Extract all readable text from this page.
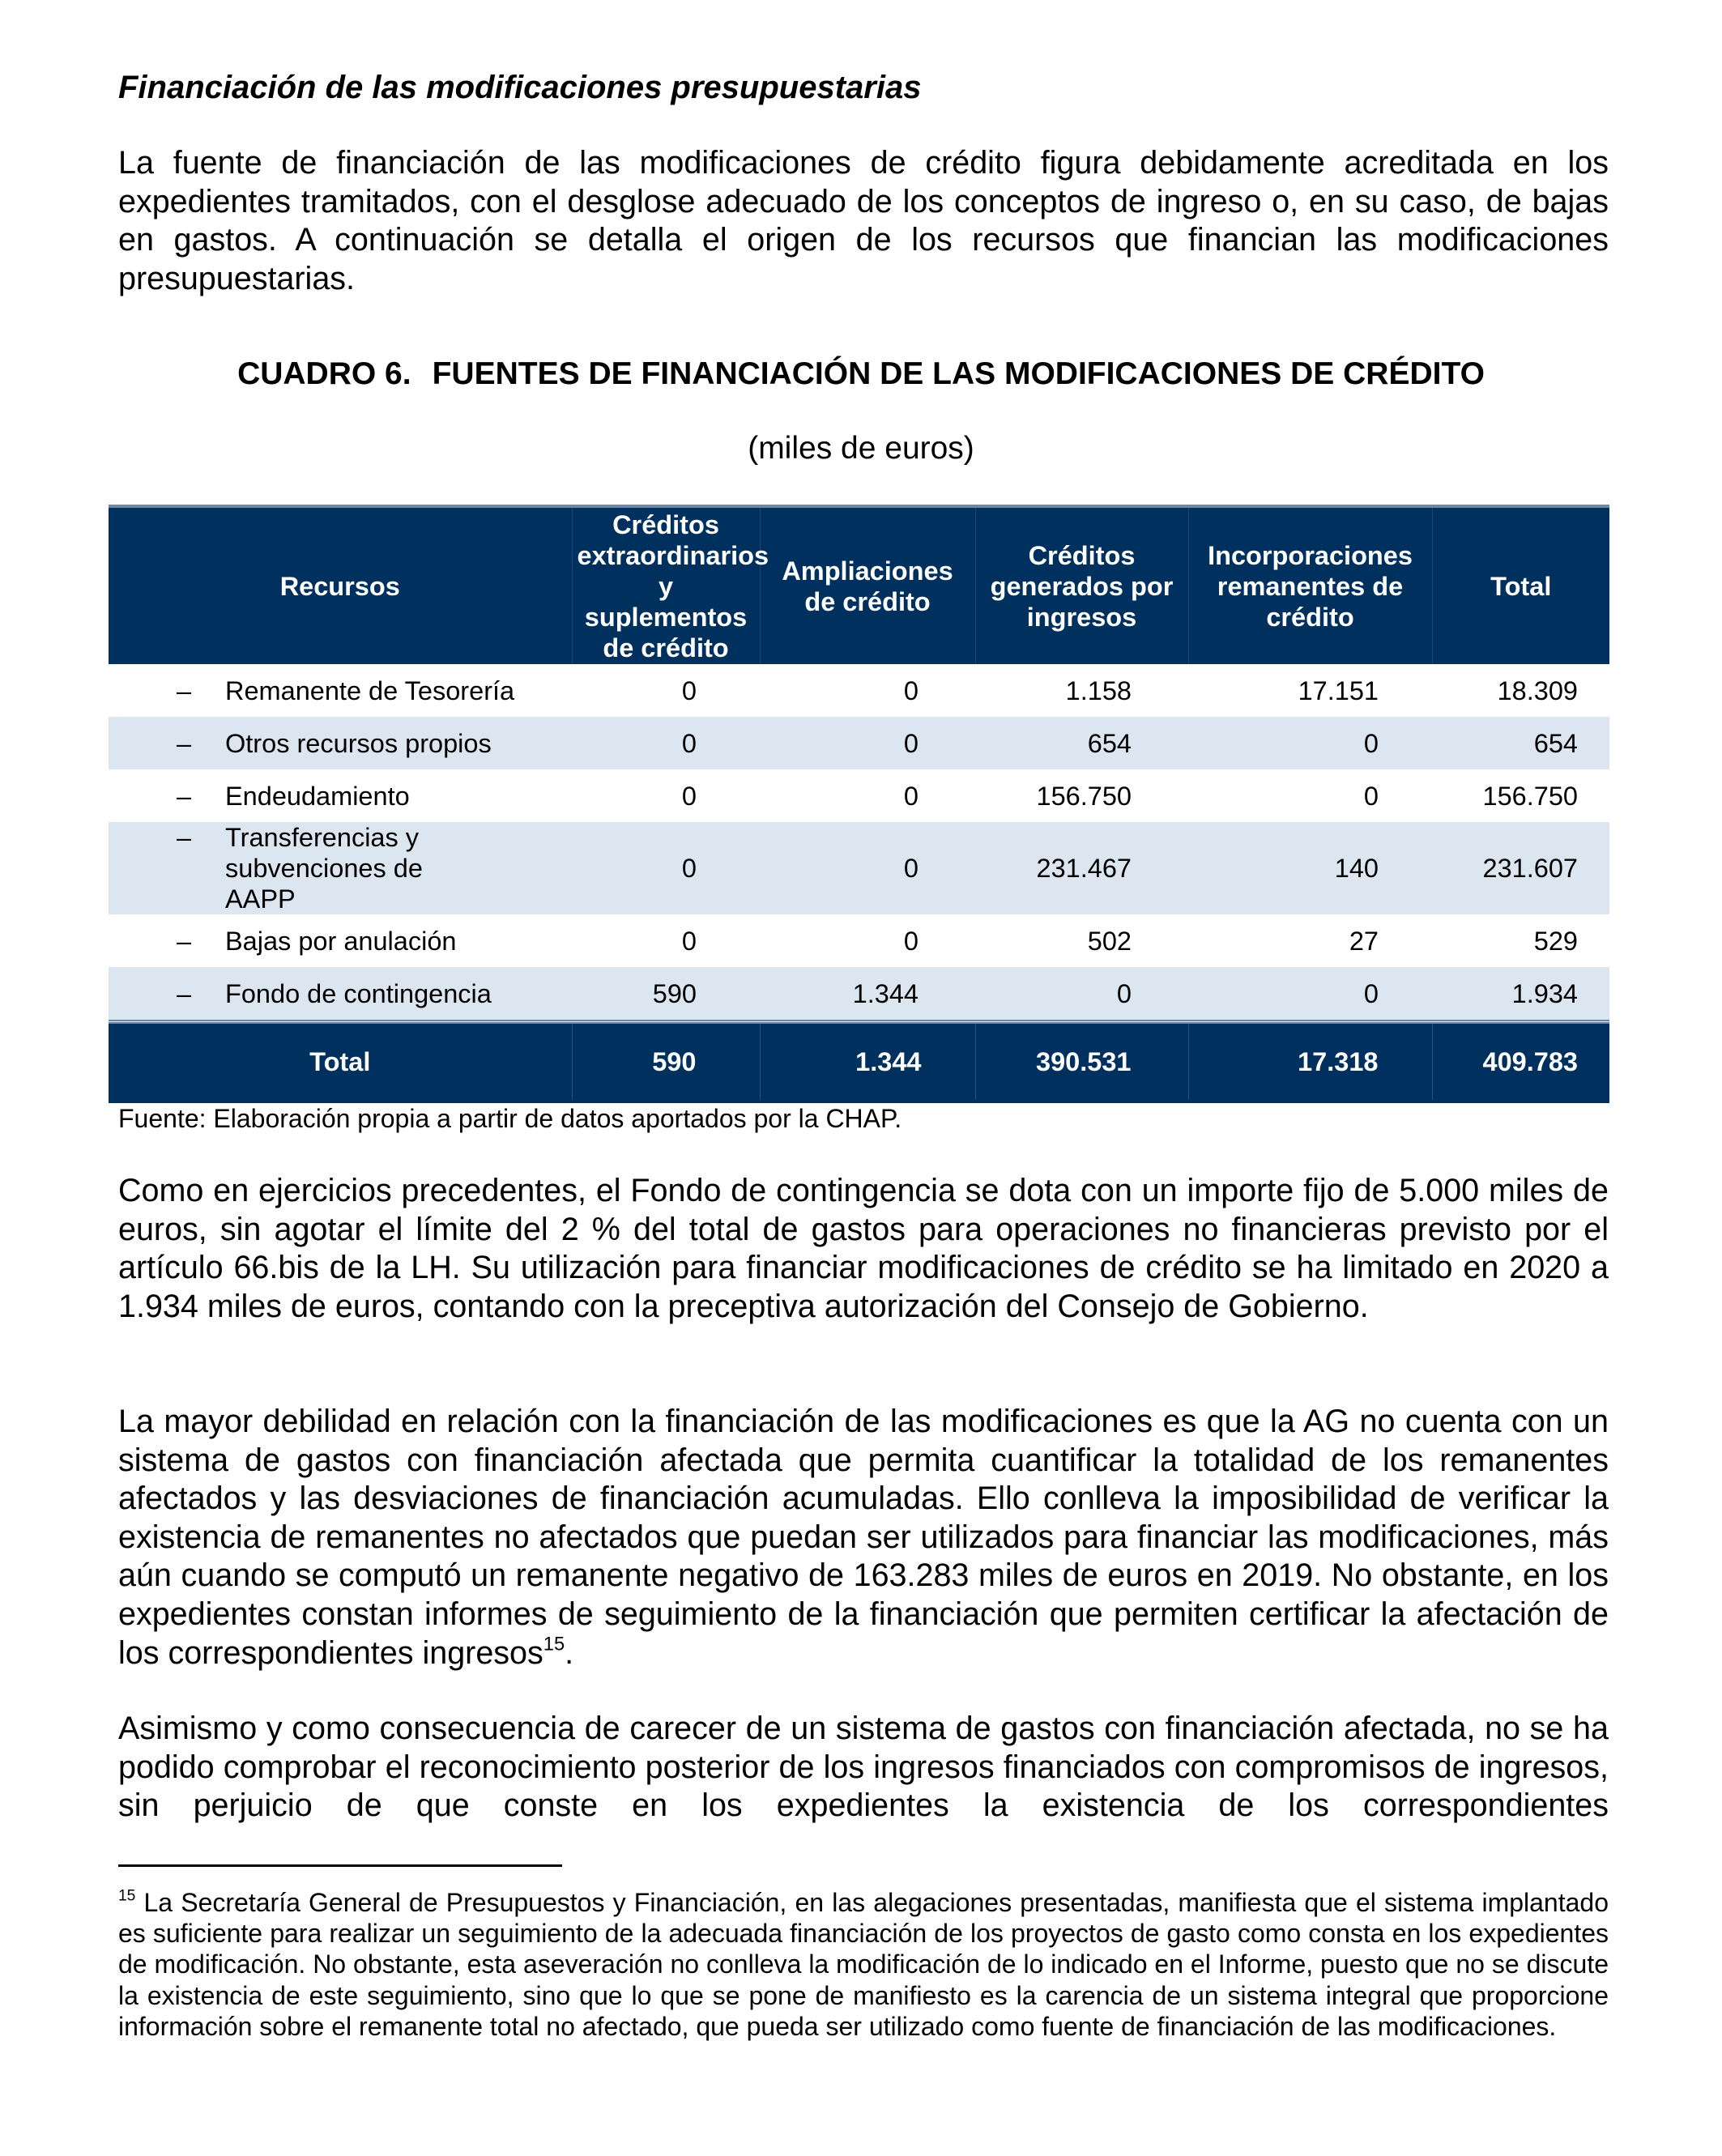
Financiación de las modificaciones presupuestarias

La fuente de financiación de las modificaciones de crédito figura debidamente acreditada en los expedientes tramitados, con el desglose adecuado de los conceptos de ingreso o, en su caso, de bajas en gastos. A continuación se detalla el origen de los recursos que financian las modificaciones presupuestarias.

CUADRO 6. FUENTES DE FINANCIACIÓN DE LAS MODIFICACIONES DE CRÉDITO
(miles de euros)
Recursos	Créditos extraordinarios y suplementos de crédito	Ampliaciones de crédito	Créditos generados por ingresos	Incorporaciones remanentes de crédito	Total

– Remanente de Tesorería	0	0	1.158	17.151	18.309

– Otros recursos propios	0	0	654	0	654

– Endeudamiento	0	0	156.750	0	156.750

– Transferencias y subvenciones de AAPP	0	0	231.467	140	231.607

– Bajas por anulación	0	0	502	27	529

– Fondo de contingencia	590	1.344	0	0	1.934
Total	590	1.344	390.531	17.318	409.783
Fuente: Elaboración propia a partir de datos aportados por la CHAP.

Como en ejercicios precedentes, el Fondo de contingencia se dota con un importe fijo de 5.000 miles de euros, sin agotar el límite del 2 % del total de gastos para operaciones no financieras previsto por el artículo 66.bis de la LH. Su utilización para financiar modificaciones de crédito se ha limitado en 2020 a 1.934 miles de euros, contando con la preceptiva autorización del Consejo de Gobierno.

La mayor debilidad en relación con la financiación de las modificaciones es que la AG no cuenta con un sistema de gastos con financiación afectada que permita cuantificar la totalidad de los remanentes afectados y las desviaciones de financiación acumuladas. Ello conlleva la imposibilidad de verificar la existencia de remanentes no afectados que puedan ser utilizados para financiar las modificaciones, más aún cuando se computó un remanente negativo de 163.283 miles de euros en 2019. No obstante, en los expedientes constan informes de seguimiento de la financiación que permiten certificar la afectación de los correspondientes ingresos$^{15}$.

Asimismo y como consecuencia de carecer de un sistema de gastos con financiación afectada, no se ha podido comprobar el reconocimiento posterior de los ingresos financiados con compromisos de ingresos, sin perjuicio de que conste en los expedientes la existencia de los correspondientes

$^{15}$ La Secretaría General de Presupuestos y Financiación, en las alegaciones presentadas, manifiesta que el sistema implantado es suficiente para realizar un seguimiento de la adecuada financiación de los proyectos de gasto como consta en los expedientes de modificación. No obstante, esta aseveración no conlleva la modificación de lo indicado en el Informe, puesto que no se discute la existencia de este seguimiento, sino que lo que se pone de manifiesto es la carencia de un sistema integral que proporcione información sobre el remanente total no afectado, que pueda ser utilizado como fuente de financiación de las modificaciones.
